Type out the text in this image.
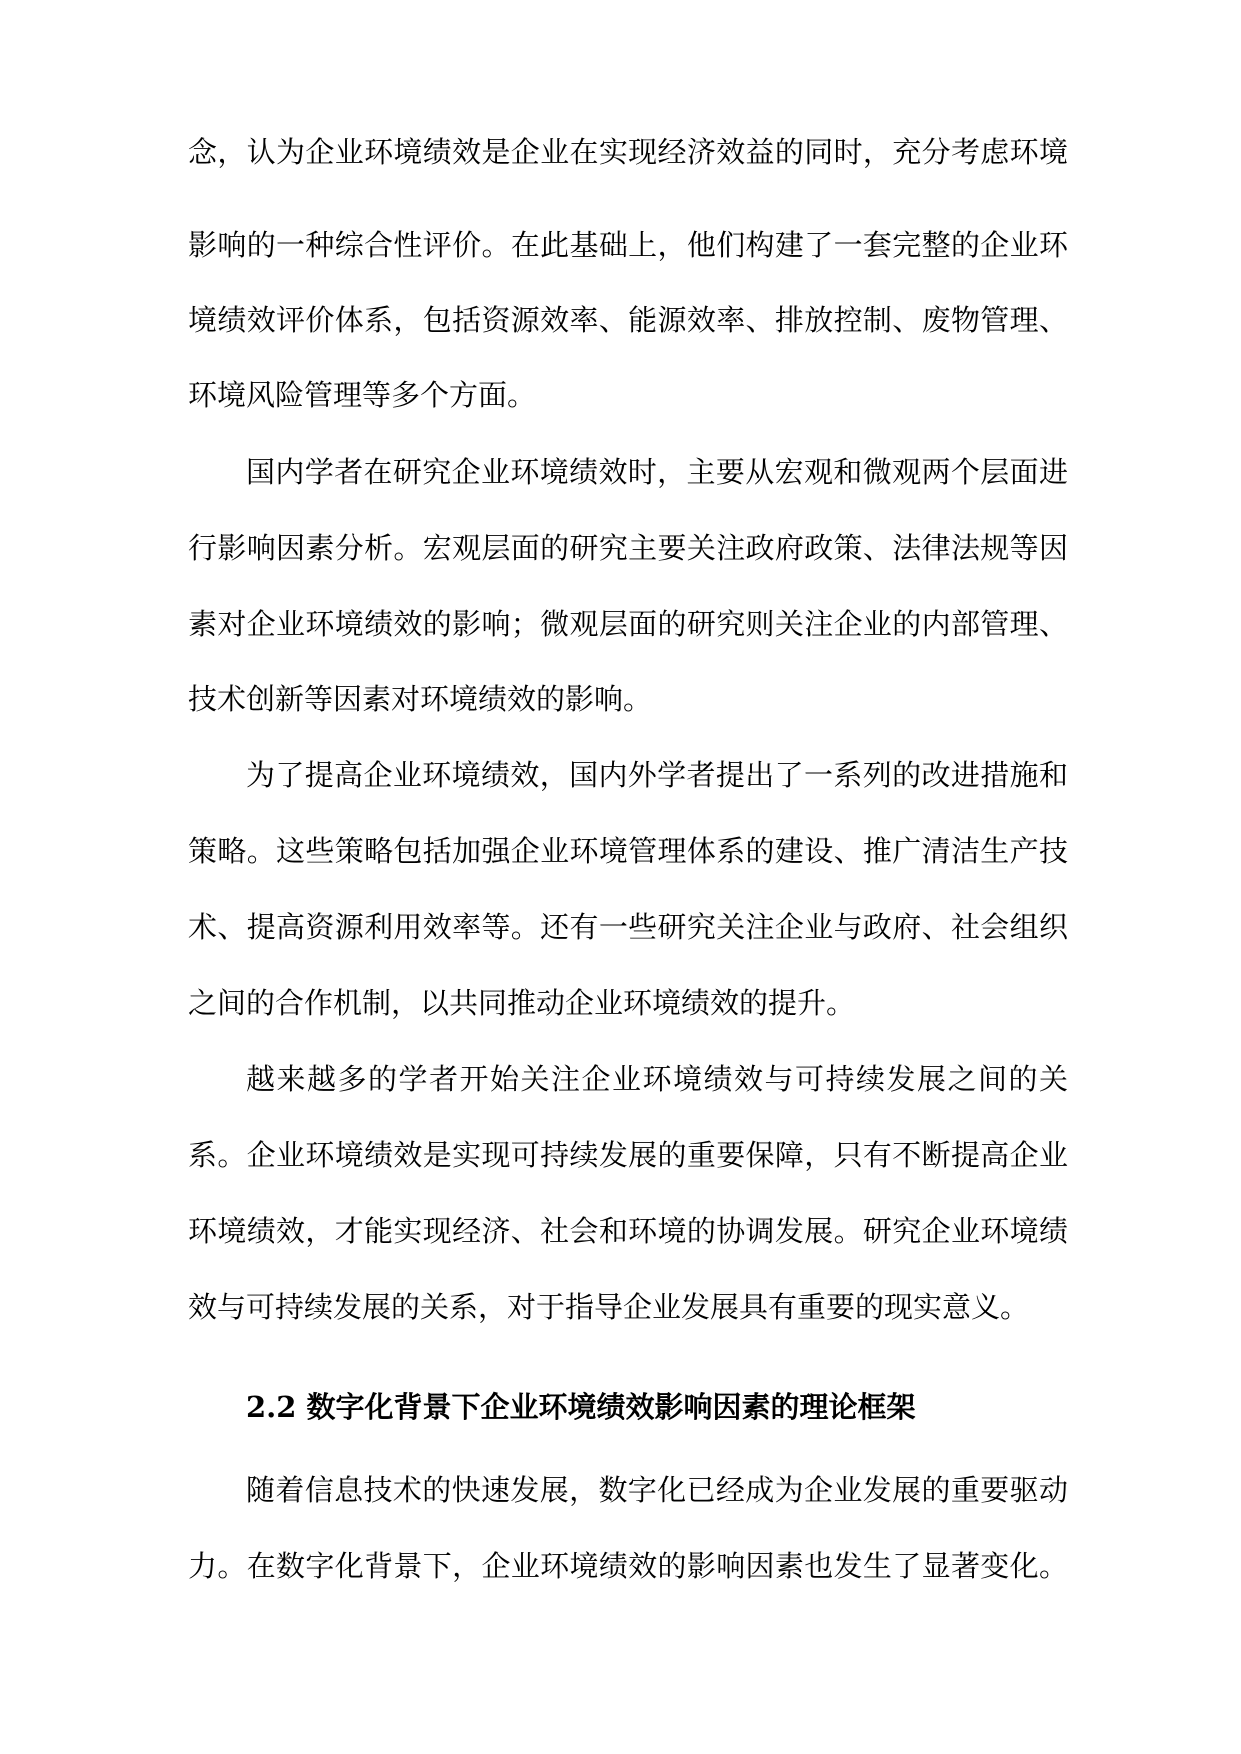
念，认为企业环境绩效是企业在实现经济效益的同时，充分考虑环境
影响的一种综合性评价。在此基础上，他们构建了一套完整的企业环
境绩效评价体系，包括资源效率、能源效率、排放控制、废物管理、
环境风险管理等多个方面。
国内学者在研究企业环境绩效时，主要从宏观和微观两个层面进
行影响因素分析。宏观层面的研究主要关注政府政策、法律法规等因
素对企业环境绩效的影响；微观层面的研究则关注企业的内部管理、
技术创新等因素对环境绩效的影响。
为了提高企业环境绩效，国内外学者提出了一系列的改进措施和
策略。这些策略包括加强企业环境管理体系的建设、推广清洁生产技
术、提高资源利用效率等。还有一些研究关注企业与政府、社会组织
之间的合作机制，以共同推动企业环境绩效的提升。
越来越多的学者开始关注企业环境绩效与可持续发展之间的关
系。企业环境绩效是实现可持续发展的重要保障，只有不断提高企业
环境绩效，才能实现经济、社会和环境的协调发展。研究企业环境绩
效与可持续发展的关系，对于指导企业发展具有重要的现实意义。
2.2 数字化背景下企业环境绩效影响因素的理论框架
随着信息技术的快速发展，数字化已经成为企业发展的重要驱动
力。在数字化背景下，企业环境绩效的影响因素也发生了显著变化。
